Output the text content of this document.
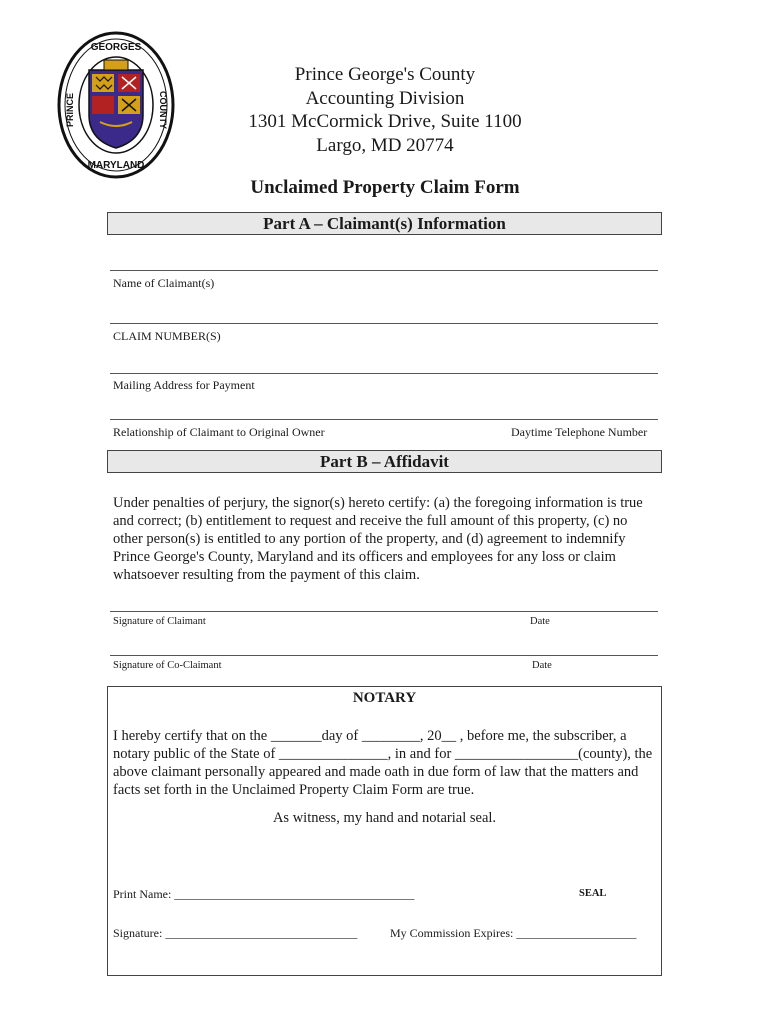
GEORGES
PRINCE	COUNTY
MARYLAND
Prince George's County
Accounting Division
1301 McCormick Drive, Suite 1100
Largo, MD 20774
Unclaimed Property Claim Form
Part A – Claimant(s) Information
Name of Claimant(s)
CLAIM NUMBER(S)
Mailing Address for Payment
Relationship of Claimant to Original Owner	Daytime Telephone Number
Part B – Affidavit
Under penalties of perjury, the signor(s) hereto certify: (a) the foregoing information is true and correct; (b) entitlement to request and receive the full amount of this property, (c) no other person(s) is entitled to any portion of the property, and (d) agreement to indemnify Prince George's County, Maryland and its officers and employees for any loss or claim whatsoever resulting from the payment of this claim.
Signature of Claimant	Date
Signature of Co-Claimant	Date
NOTARY
I hereby certify that on the _______day of ________, 20__ , before me, the subscriber, a notary public of the State of _______________, in and for _________________(county), the above claimant personally appeared and made oath in due form of law that the matters and facts set forth in the Unclaimed Property Claim Form are true.
As witness, my hand and notarial seal.
Print Name: ________________________________________	SEAL
Signature: ________________________________	My Commission Expires: ____________________
